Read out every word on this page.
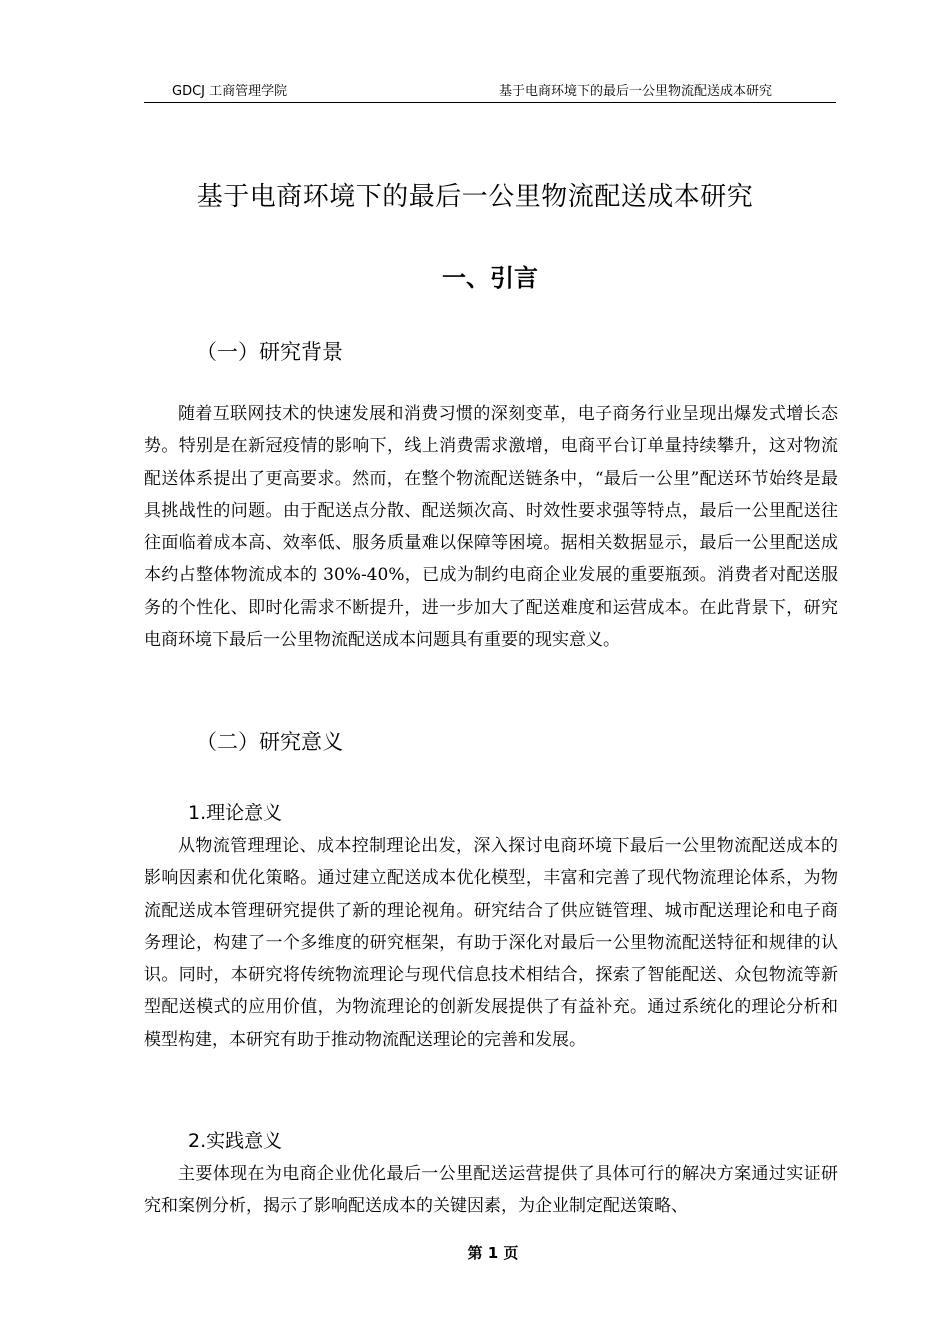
GDCJ 工商管理学院	基于电商环境下的最后一公里物流配送成本研究
基于电商环境下的最后一公里物流配送成本研究
一、引言
（一）研究背景

随着互联网技术的快速发展和消费习惯的深刻变革，电子商务行业呈现出爆发式增长态势。特别是在新冠疫情的影响下，线上消费需求激增，电商平台订单量持续攀升，这对物流配送体系提出了更高要求。然而，在整个物流配送链条中，“最后一公里”配送环节始终是最具挑战性的问题。由于配送点分散、配送频次高、时效性要求强等特点，最后一公里配送往往面临着成本高、效率低、服务质量难以保障等困境。据相关数据显示，最后一公里配送成本约占整体物流成本的 30%-40%，已成为制约电商企业发展的重要瓶颈。消费者对配送服务的个性化、即时化需求不断提升，进一步加大了配送难度和运营成本。在此背景下，研究电商环境下最后一公里物流配送成本问题具有重要的现实意义。

（二）研究意义
1.理论意义

从物流管理理论、成本控制理论出发，深入探讨电商环境下最后一公里物流配送成本的影响因素和优化策略。通过建立配送成本优化模型，丰富和完善了现代物流理论体系，为物流配送成本管理研究提供了新的理论视角。研究结合了供应链管理、城市配送理论和电子商务理论，构建了一个多维度的研究框架，有助于深化对最后一公里物流配送特征和规律的认识。同时，本研究将传统物流理论与现代信息技术相结合，探索了智能配送、众包物流等新型配送模式的应用价值，为物流理论的创新发展提供了有益补充。通过系统化的理论分析和模型构建，本研究有助于推动物流配送理论的完善和发展。

2.实践意义

主要体现在为电商企业优化最后一公里配送运营提供了具体可行的解决方案通过实证研究和案例分析，揭示了影响配送成本的关键因素，为企业制定配送策略、

第 1 页
